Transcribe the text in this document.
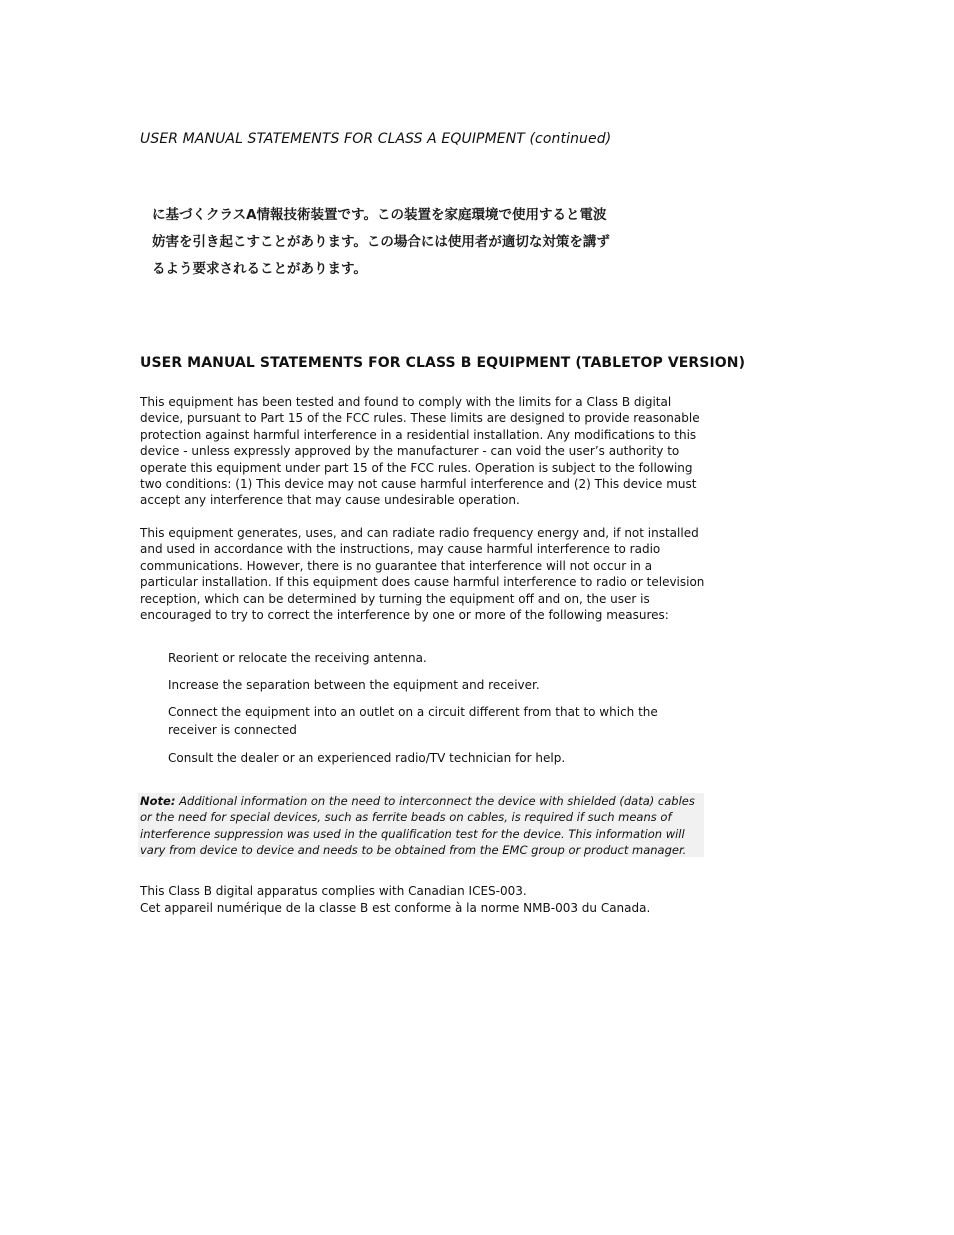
USER MANUAL STATEMENTS FOR CLASS A EQUIPMENT (continued)
に基づくクラスA情報技術装置です。この装置を家庭環境で使用すると電波
妨害を引き起こすことがあります。この場合には使用者が適切な対策を講ず
るよう要求されることがあります。
USER MANUAL STATEMENTS FOR CLASS B EQUIPMENT (TABLETOP VERSION)
This equipment has been tested and found to comply with the limits for a Class B digital device, pursuant to Part 15 of the FCC rules. These limits are designed to provide reasonable protection against harmful interference in a residential installation. Any modifications to this device - unless expressly approved by the manufacturer - can void the user’s authority to operate this equipment under part 15 of the FCC rules. Operation is subject to the following two conditions: (1) This device may not cause harmful interference and (2) This device must accept any interference that may cause undesirable operation.
This equipment generates, uses, and can radiate radio frequency energy and, if not installed and used in accordance with the instructions, may cause harmful interference to radio communications. However, there is no guarantee that interference will not occur in a particular installation. If this equipment does cause harmful interference to radio or television reception, which can be determined by turning the equipment off and on, the user is encouraged to try to correct the interference by one or more of the following measures:
Reorient or relocate the receiving antenna.
Increase the separation between the equipment and receiver.
Connect the equipment into an outlet on a circuit different from that to which the receiver is connected
Consult the dealer or an experienced radio/TV technician for help.
Note: Additional information on the need to interconnect the device with shielded (data) cables or the need for special devices, such as ferrite beads on cables, is required if such means of interference suppression was used in the qualification test for the device. This information will vary from device to device and needs to be obtained from the EMC group or product manager.
This Class B digital apparatus complies with Canadian ICES-003.
Cet appareil numérique de la classe B est conforme à la norme NMB-003 du Canada.
